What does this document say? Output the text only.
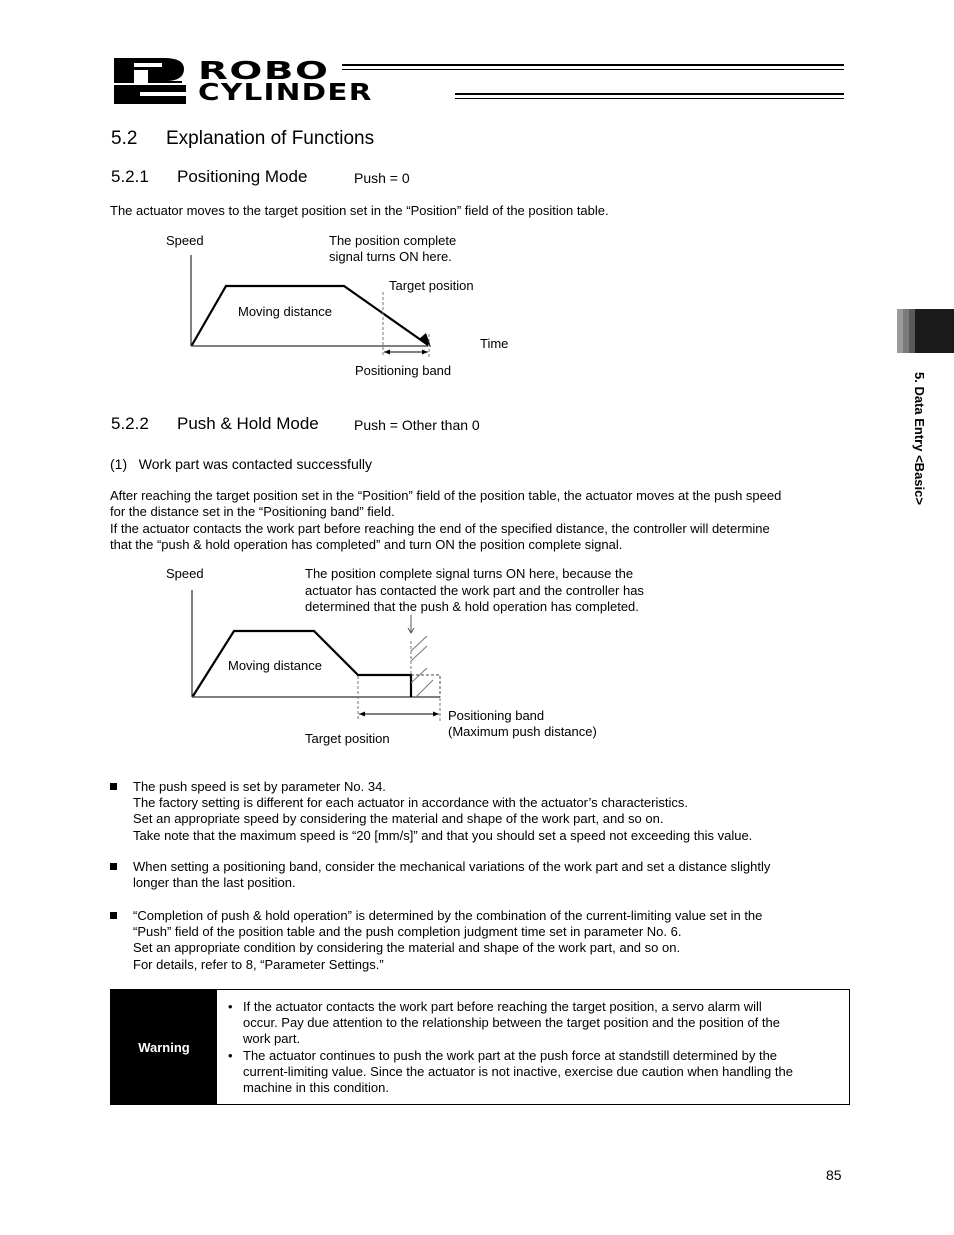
ROBO
CYLINDER
5.2 Explanation of Functions
5.2.1 Positioning Mode	Push = 0
The actuator moves to the target position set in the “Position” field of the position table.
Speed	The position complete
signal turns ON here.
Target position
Moving distance
Time
Positioning band
5.2.2 Push & Hold Mode	Push = Other than 0
(1)   Work part was contacted successfully
After reaching the target position set in the “Position” field of the position table, the actuator moves at the push speed
for the distance set in the “Positioning band” field.
If the actuator contacts the work part before reaching the end of the specified distance, the controller will determine
that the “push & hold operation has completed” and turn ON the position complete signal.
Speed	The position complete signal turns ON here, because the
actuator has contacted the work part and the controller has
determined that the push & hold operation has completed.
Moving distance
Positioning band
(Maximum push distance)
Target position
The push speed is set by parameter No. 34.
The factory setting is different for each actuator in accordance with the actuator’s characteristics.
Set an appropriate speed by considering the material and shape of the work part, and so on.
Take note that the maximum speed is “20 [mm/s]” and that you should set a speed not exceeding this value.
When setting a positioning band, consider the mechanical variations of the work part and set a distance slightly
longer than the last position.
“Completion of push & hold operation” is determined by the combination of the current-limiting value set in the
“Push” field of the position table and the push completion judgment time set in parameter No. 6.
Set an appropriate condition by considering the material and shape of the work part, and so on.
For details, refer to 8, “Parameter Settings.”
Warning
• If the actuator contacts the work part before reaching the target position, a servo alarm will
occur. Pay due attention to the relationship between the target position and the position of the
work part.
• The actuator continues to push the work part at the push force at standstill determined by the
current-limiting value. Since the actuator is not inactive, exercise due caution when handling the
machine in this condition.
5. Data Entry <Basic>
85
